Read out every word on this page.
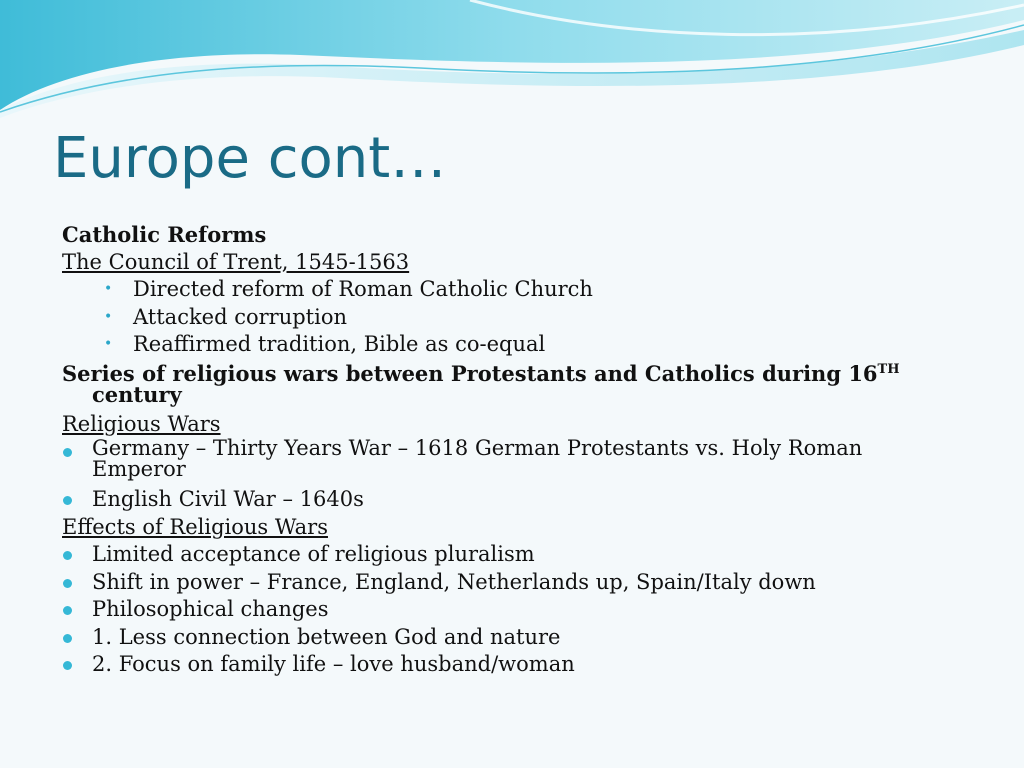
Europe cont…

Catholic Reforms

The Council of Trent, 1545-1563

• Directed reform of Roman Catholic Church

• Attacked corruption

• Reaffirmed tradition, Bible as co-equal

Series of religious wars between Protestants and Catholics during 16TH
century

Religious Wars

Germany – Thirty Years War – 1618 German Protestants vs. Holy Roman Emperor

English Civil War – 1640s

Effects of Religious Wars

Limited acceptance of religious pluralism

Shift in power – France, England, Netherlands up, Spain/Italy down

Philosophical changes

1. Less connection between God and nature

2. Focus on family life – love husband/woman
